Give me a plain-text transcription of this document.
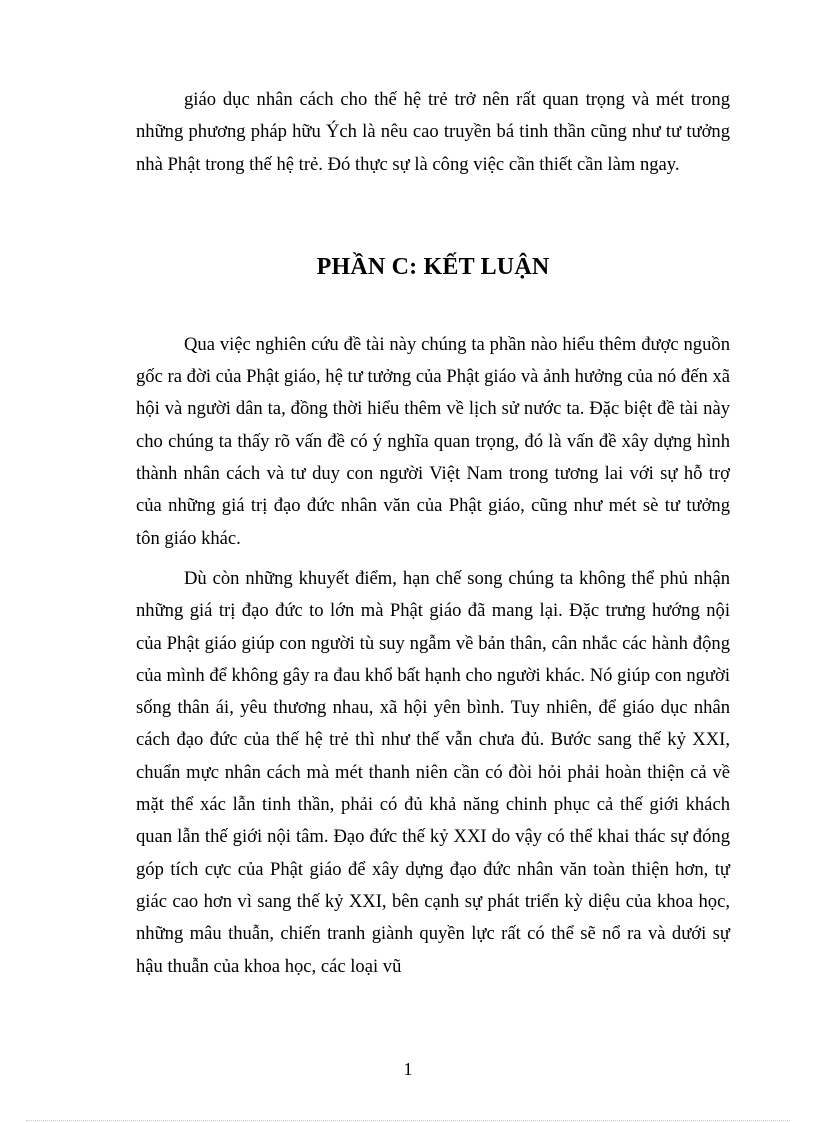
giáo dục nhân cách cho thế hệ trẻ trở nên rất quan trọng và mét trong những phương pháp hữu Ých là nêu cao truyền bá tinh thần cũng như tư tưởng nhà Phật trong thế hệ trẻ. Đó thực sự là công việc cần thiết cần làm ngay.

PHẦN C: KẾT LUẬN

Qua việc nghiên cứu đề tài này chúng ta phần nào hiểu thêm được nguồn gốc ra đời của Phật giáo, hệ tư tưởng của Phật giáo và ảnh hưởng của nó đến xã hội và người dân ta, đồng thời hiểu thêm về lịch sử nước ta. Đặc biệt đề tài này cho chúng ta thấy rõ vấn đề có ý nghĩa quan trọng, đó là vấn đề xây dựng hình thành nhân cách và tư duy con người Việt Nam trong tương lai với sự hỗ trợ của những giá trị đạo đức nhân văn của Phật giáo, cũng như mét sè tư tưởng tôn giáo khác.

Dù còn những khuyết điểm, hạn chế song chúng ta không thể phủ nhận những giá trị đạo đức to lớn mà Phật giáo đã mang lại. Đặc trưng hướng nội của Phật giáo giúp con người tù suy ngẫm về bản thân, cân nhắc các hành động của mình để không gây ra đau khổ bất hạnh cho người khác. Nó giúp con người sống thân ái, yêu thương nhau, xã hội yên bình. Tuy nhiên, để giáo dục nhân cách đạo đức của thế hệ trẻ thì như thế vẫn chưa đủ. Bước sang thế kỷ XXI, chuẩn mực nhân cách mà mét thanh niên cần có đòi hỏi phải hoàn thiện cả về mặt thể xác lẫn tinh thần, phải có đủ khả năng chinh phục cả thế giới khách quan lẫn thế giới nội tâm. Đạo đức thế kỷ XXI do vậy có thể khai thác sự đóng góp tích cực của Phật giáo để xây dựng đạo đức nhân văn toàn thiện hơn, tự giác cao hơn vì sang thế kỷ XXI, bên cạnh sự phát triển kỳ diệu của khoa học, những mâu thuẫn, chiến tranh giành quyền lực rất có thể sẽ nổ ra và dưới sự hậu thuẫn của khoa học, các loại vũ

1
